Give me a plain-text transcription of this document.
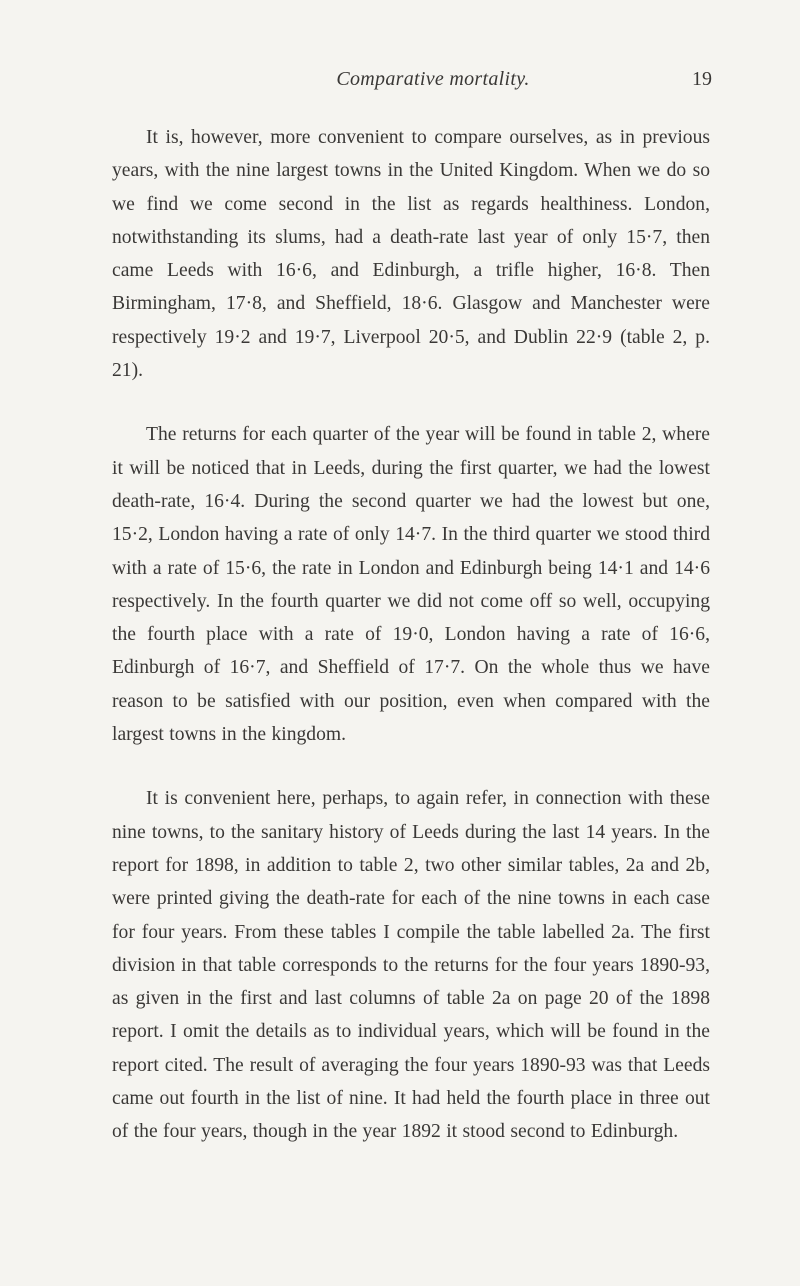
Comparative mortality.	19

It is, however, more convenient to compare ourselves, as in previous years, with the nine largest towns in the United Kingdom. When we do so we find we come second in the list as regards healthiness. London, notwithstanding its slums, had a death-rate last year of only 15·7, then came Leeds with 16·6, and Edinburgh, a trifle higher, 16·8. Then Birmingham, 17·8, and Sheffield, 18·6. Glasgow and Manchester were respectively 19·2 and 19·7, Liverpool 20·5, and Dublin 22·9 (table 2, p. 21).

The returns for each quarter of the year will be found in table 2, where it will be noticed that in Leeds, during the first quarter, we had the lowest death-rate, 16·4. During the second quarter we had the lowest but one, 15·2, London having a rate of only 14·7. In the third quarter we stood third with a rate of 15·6, the rate in London and Edinburgh being 14·1 and 14·6 respectively. In the fourth quarter we did not come off so well, occupying the fourth place with a rate of 19·0, London having a rate of 16·6, Edinburgh of 16·7, and Sheffield of 17·7. On the whole thus we have reason to be satisfied with our position, even when compared with the largest towns in the kingdom.

It is convenient here, perhaps, to again refer, in connection with these nine towns, to the sanitary history of Leeds during the last 14 years. In the report for 1898, in addition to table 2, two other similar tables, 2a and 2b, were printed giving the death-rate for each of the nine towns in each case for four years. From these tables I compile the table labelled 2a. The first division in that table corresponds to the returns for the four years 1890-93, as given in the first and last columns of table 2a on page 20 of the 1898 report. I omit the details as to individual years, which will be found in the report cited. The result of averaging the four years 1890-93 was that Leeds came out fourth in the list of nine. It had held the fourth place in three out of the four years, though in the year 1892 it stood second to Edinburgh.
